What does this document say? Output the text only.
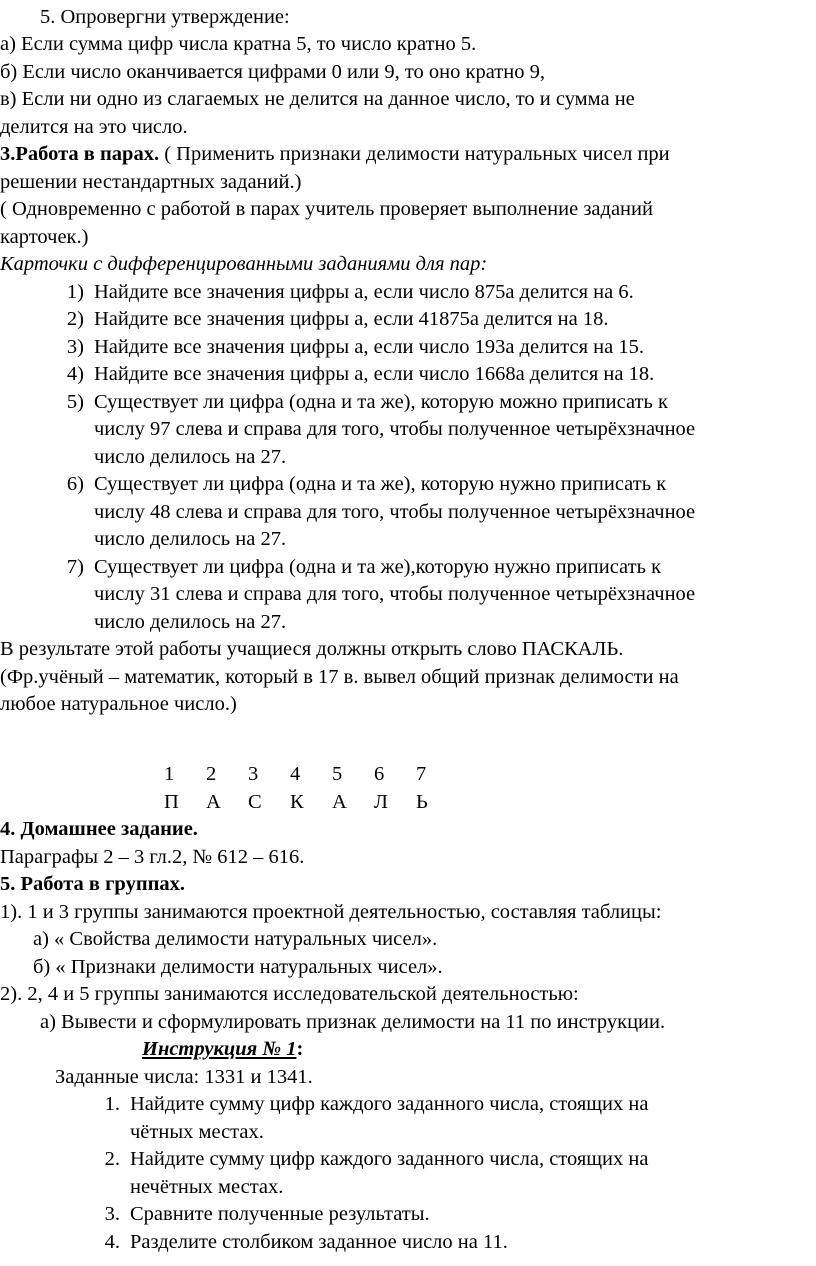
5. Опровергни утверждение:
а) Если сумма цифр числа кратна 5, то число кратно 5.
б) Если число оканчивается цифрами 0 или 9, то оно кратно 9,
в) Если ни одно из слагаемых не делится на данное число, то и сумма не
делится на это число.
3.Работа в парах. ( Применить признаки делимости натуральных чисел при
решении нестандартных заданий.)
( Одновременно с работой в парах учитель проверяет выполнение заданий
карточек.)
Карточки с дифференцированными заданиями для пар:
1) Найдите все значения цифры а, если число 875а делится на 6.
2) Найдите все значения цифры а, если 41875а делится на 18.
3) Найдите все значения цифры а, если число 193а делится на 15.
4) Найдите все значения цифры а, если число 1668а делится на 18.
5) Существует ли цифра (одна и та же), которую можно приписать к
числу 97 слева и справа для того, чтобы полученное четырёхзначное
число делилось на 27.
6) Существует ли цифра (одна и та же), которую нужно приписать к
числу 48 слева и справа для того, чтобы полученное четырёхзначное
число делилось на 27.
7) Существует ли цифра (одна и та же),которую нужно приписать к
числу 31 слева и справа для того, чтобы полученное четырёхзначное
число делилось на 27.
В результате этой работы учащиеся должны открыть слово ПАСКАЛЬ.
(Фр.учёный – математик, который в 17 в. вывел общий признак делимости на
любое натуральное число.)
1 2 3 4 5 6 7
П А С К А Л Ь
4. Домашнее задание.
Параграфы 2 – 3 гл.2, № 612 – 616.
5. Работа в группах.
1). 1 и 3 группы занимаются проектной деятельностью, составляя таблицы:
а) « Свойства делимости натуральных чисел».
б) « Признаки делимости натуральных чисел».
2). 2, 4 и 5 группы занимаются исследовательской деятельностью:
а) Вывести и сформулировать признак делимости на 11 по инструкции.
Инструкция № 1:
Заданные числа: 1331 и 1341.
1. Найдите сумму цифр каждого заданного числа, стоящих на
чётных местах.
2. Найдите сумму цифр каждого заданного числа, стоящих на
нечётных местах.
3. Сравните полученные результаты.
4. Разделите столбиком заданное число на 11.
